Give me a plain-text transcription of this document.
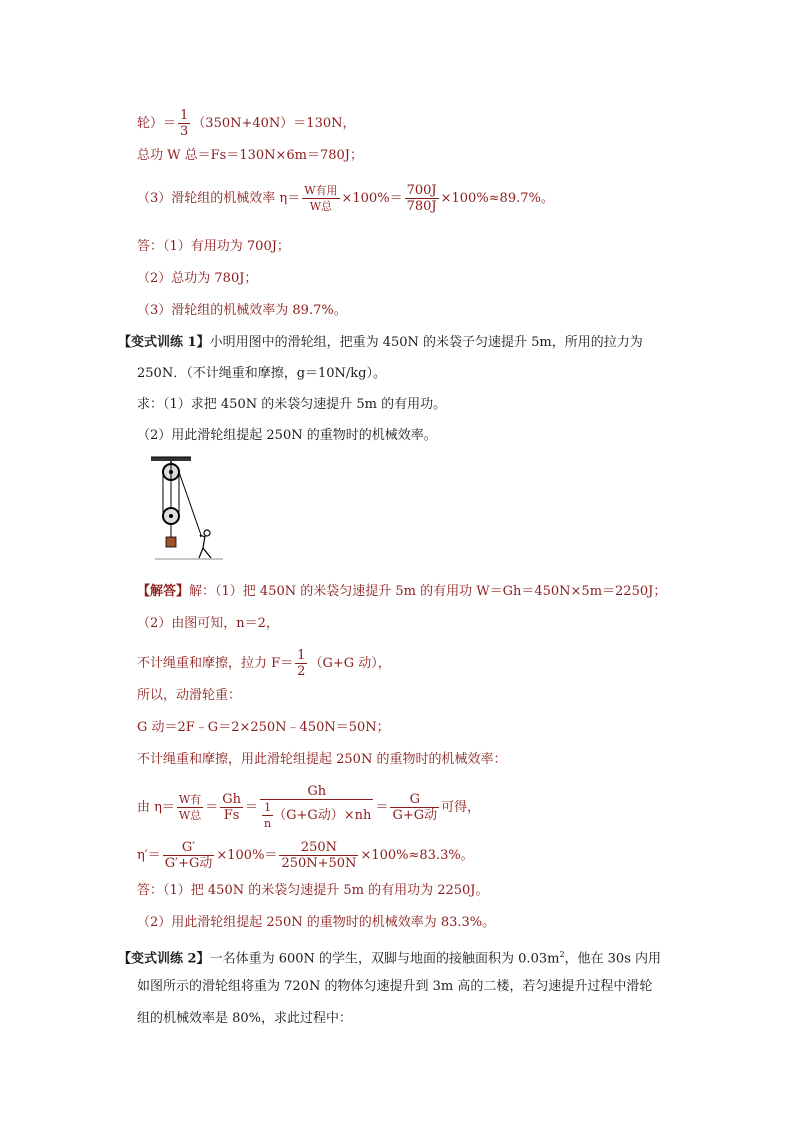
轮）＝ $\frac{1}{3} (350N+40N)=130N$，
总功 W 总＝Fs＝130N×6m＝780J；
（3）滑轮组的机械效率 $\eta= \frac{\text{W有用}}{\text{W总}} \times 100\%= \frac{700J}{780J} \times 100\%\approx 89.7\%$。
答：（1）有用功为 700J；
（2）总功为 780J；
（3）滑轮组的机械效率为 89.7%。
【变式训练 1】小明用图中的滑轮组，把重为 450N 的米袋子匀速提升 5m，所用的拉力为
250N．（不计绳重和摩擦，g＝10N/kg）。
求：（1）求把 450N 的米袋匀速提升 5m 的有用功。
（2）用此滑轮组提起 250N 的重物时的机械效率。
【解答】解：（1）把 450N 的米袋匀速提升 5m 的有用功 W＝Gh＝450N×5m＝2250J；
（2）由图可知，n＝2，
不计绳重和摩擦，拉力 $F= \frac{1}{2} (G+G$ 动），
所以，动滑轮重：
G 动＝2F﹣G＝2×250N﹣450N＝50N；
不计绳重和摩擦，用此滑轮组提起 250N 的重物时的机械效率：
由 $\eta= \frac{\text{W有}}{\text{W总}} = \frac{Gh}{Fs} = \frac{Gh}{\frac{1}{n} (G+G动)\times nh} = \frac{G}{\text{G+G动}}$ 可得，
$\eta'= \frac{G'}{\text{G′+G动}} \times 100\%= \frac{250N}{250N+50N} \times 100\%\approx 83.3\%$。
答：（1）把 450N 的米袋匀速提升 5m 的有用功为 2250J。
（2）用此滑轮组提起 250N 的重物时的机械效率为 83.3%。
【变式训练 2】一名体重为 600N 的学生，双脚与地面的接触面积为 $0.03m^2$，他在 30s 内用
如图所示的滑轮组将重为 720N 的物体匀速提升到 3m 高的二楼，若匀速提升过程中滑轮
组的机械效率是 80%，求此过程中：
